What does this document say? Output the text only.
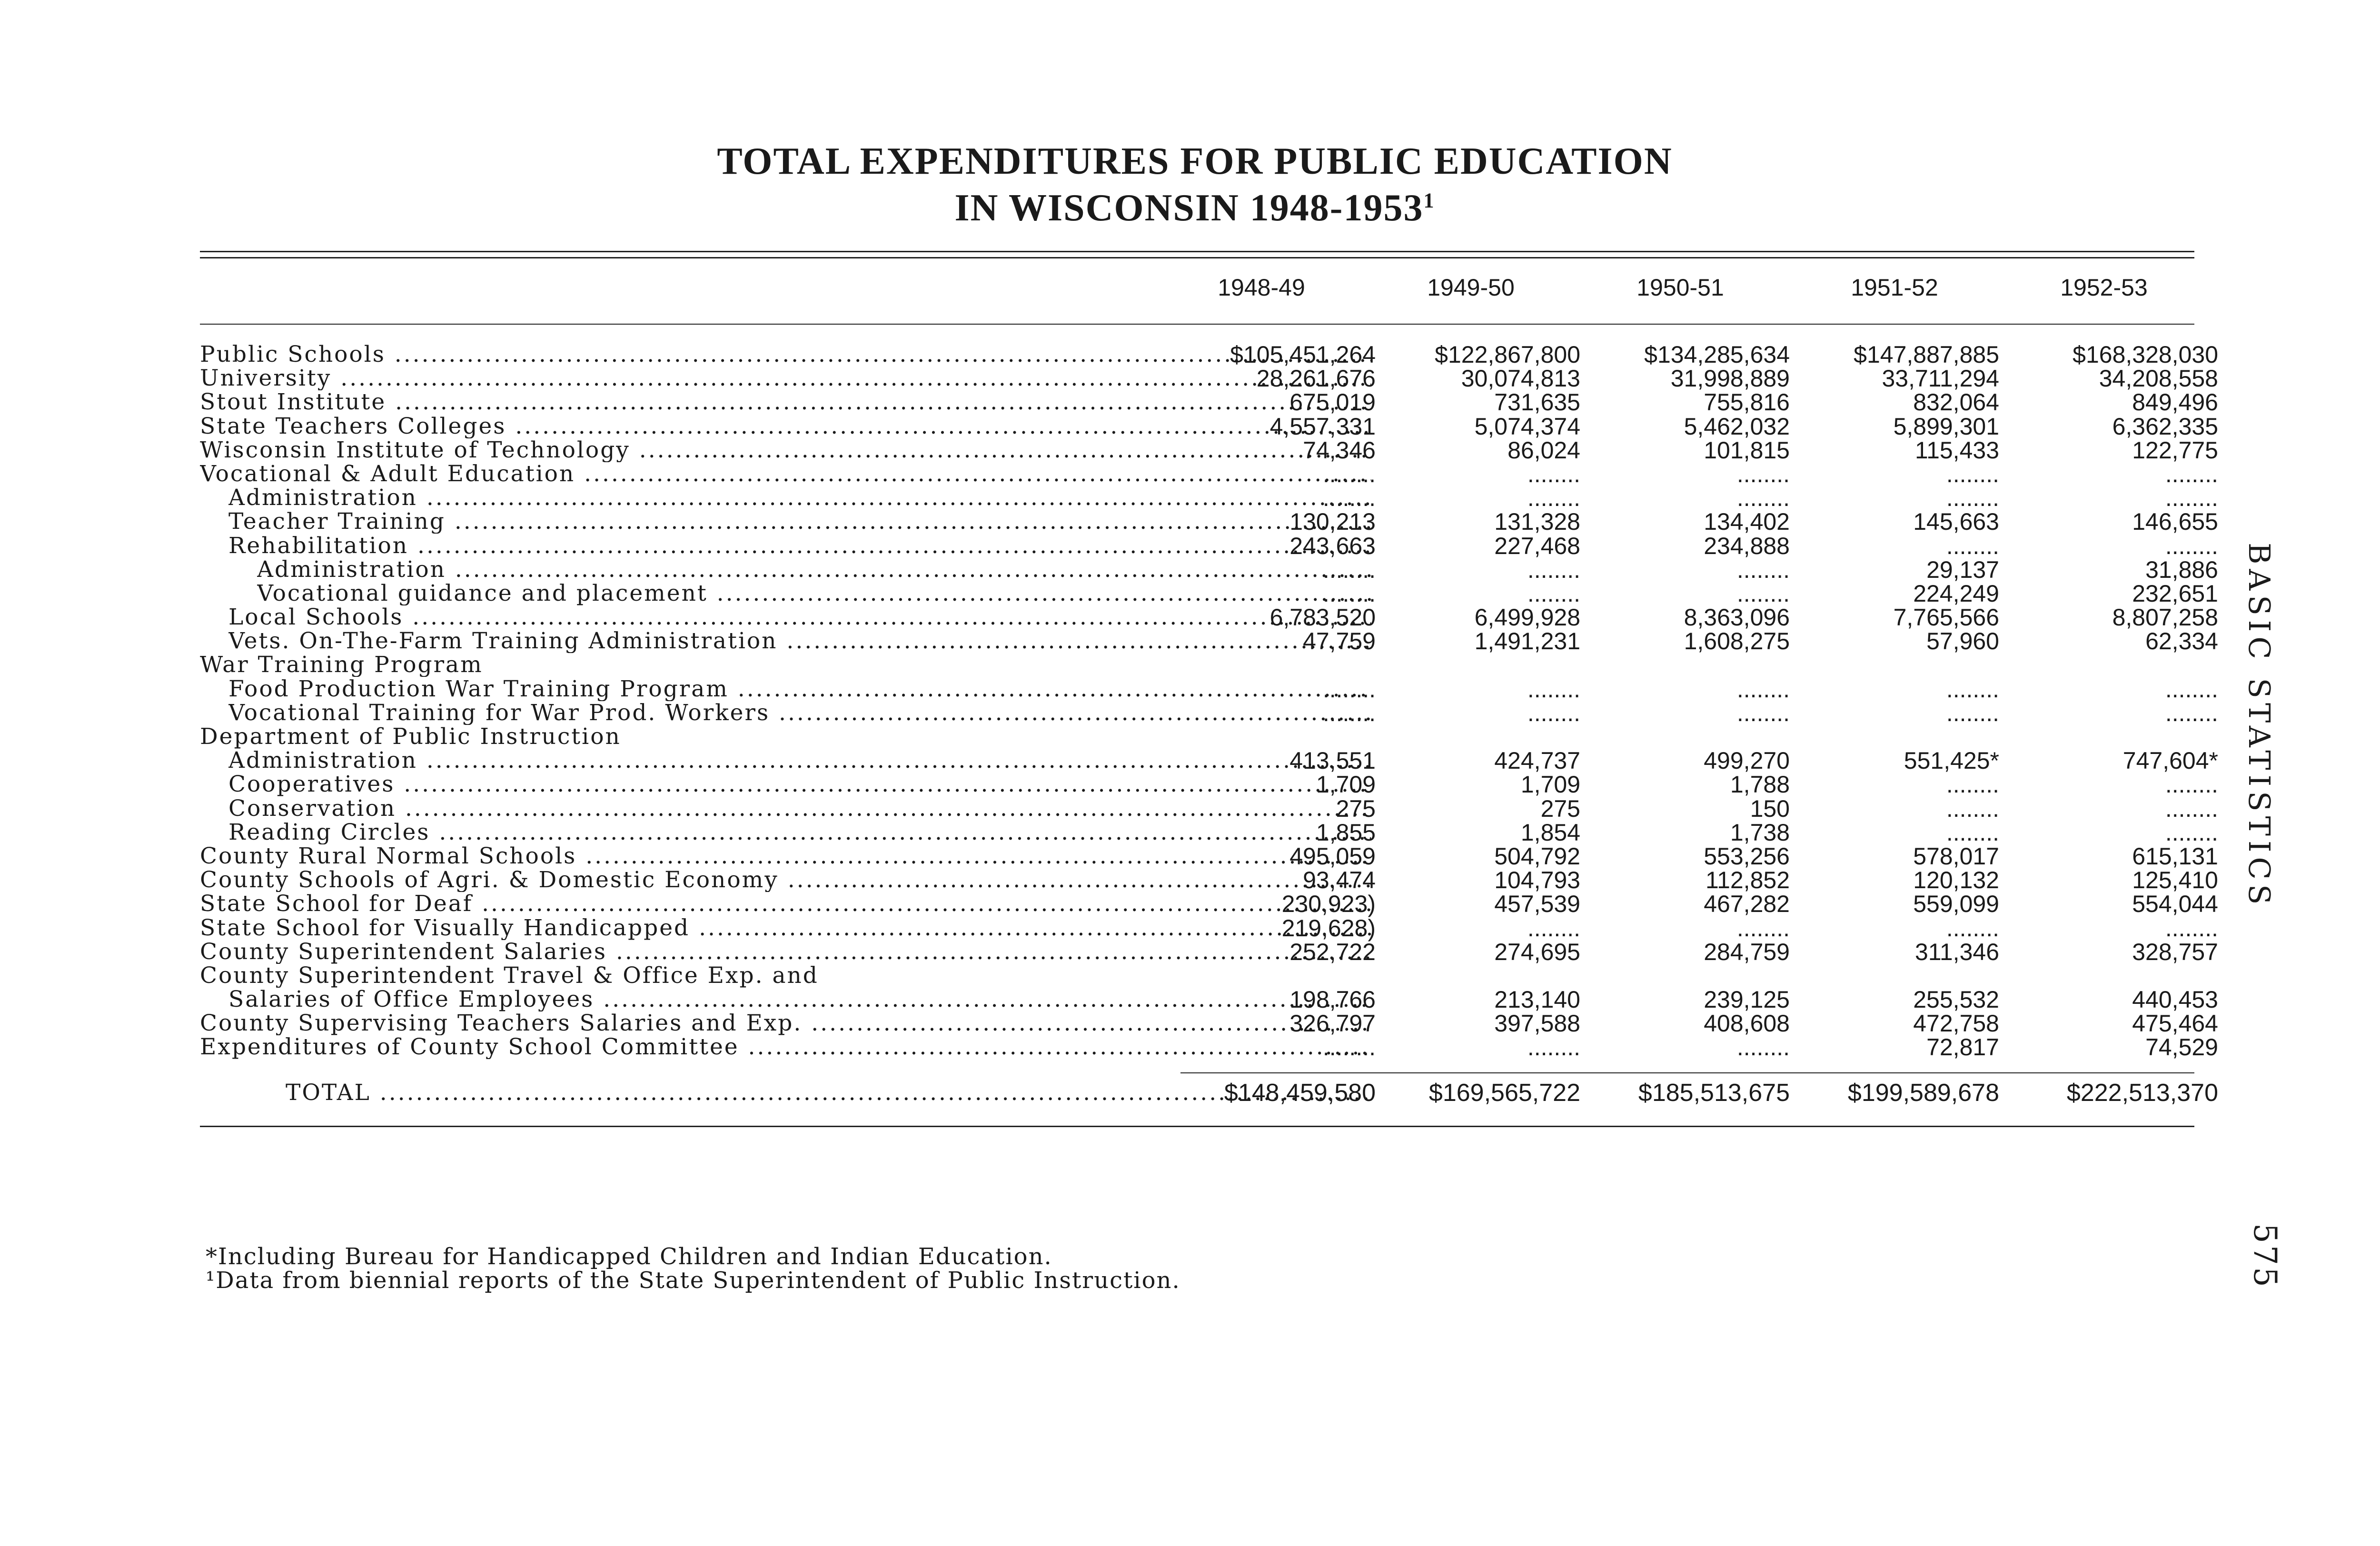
TOTAL EXPENDITURES FOR PUBLIC EDUCATION
IN WISCONSIN 1948-1953$^1$
1948-49	1949-50	1950-51	1951-52	1952-53
Public Schools .....	$105,451,264	$122,867,800	$134,285,634	$147,887,885	$168,328,030
University .....	28,261,676	30,074,813	31,998,889	33,711,294	34,208,558
Stout Institute .....	675,019	731,635	755,816	832,064	849,496
State Teachers Colleges .....	4,557,331	5,074,374	5,462,032	5,899,301	6,362,335
Wisconsin Institute of Technology .....	74,346	86,024	101,815	115,433	122,775
Vocational & Adult Education .....	........	........	........	........	........
Administration .....	........	........	........	........	........
Teacher Training .....	130,213	131,328	134,402	145,663	146,655
Rehabilitation .....	243,663	227,468	234,888	........	........
Administration .....	........	........	........	29,137	31,886
Vocational guidance and placement .....	........	........	........	224,249	232,651
Local Schools .....	6,783,520	6,499,928	8,363,096	7,765,566	8,807,258
Vets. On-The-Farm Training Administration .....	47,759	1,491,231	1,608,275	57,960	62,334
War Training Program
Food Production War Training Program .....	........	........	........	........	........
Vocational Training for War Prod. Workers .....	........	........	........	........	........
Department of Public Instruction
Administration .....	413,551	424,737	499,270	551,425*	747,604*
Cooperatives .....	1,709	1,709	1,788	........	........
Conservation .....	275	275	150	........	........
Reading Circles .....	1,855	1,854	1,738	........	........
County Rural Normal Schools .....	495,059	504,792	553,256	578,017	615,131
County Schools of Agri. & Domestic Economy .....	93,474	104,793	112,852	120,132	125,410
State School for Deaf .....	230,923)	457,539	467,282	559,099	554,044
State School for Visually Handicapped .....	219,628)	........	........	........	........
County Superintendent Salaries .....	252,722	274,695	284,759	311,346	328,757
County Superintendent Travel & Office Exp. and
Salaries of Office Employees .....	198,766	213,140	239,125	255,532	440,453
County Supervising Teachers Salaries and Exp. .....	326,797	397,588	408,608	472,758	475,464
Expenditures of County School Committee .....	........	........	........	72,817	74,529
TOTAL .....	$148,459,580	$169,565,722	$185,513,675	$199,589,678	$222,513,370
BASIC STATISTICS
575
*Including Bureau for Handicapped Children and Indian Education.
¹Data from biennial reports of the State Superintendent of Public Instruction.
